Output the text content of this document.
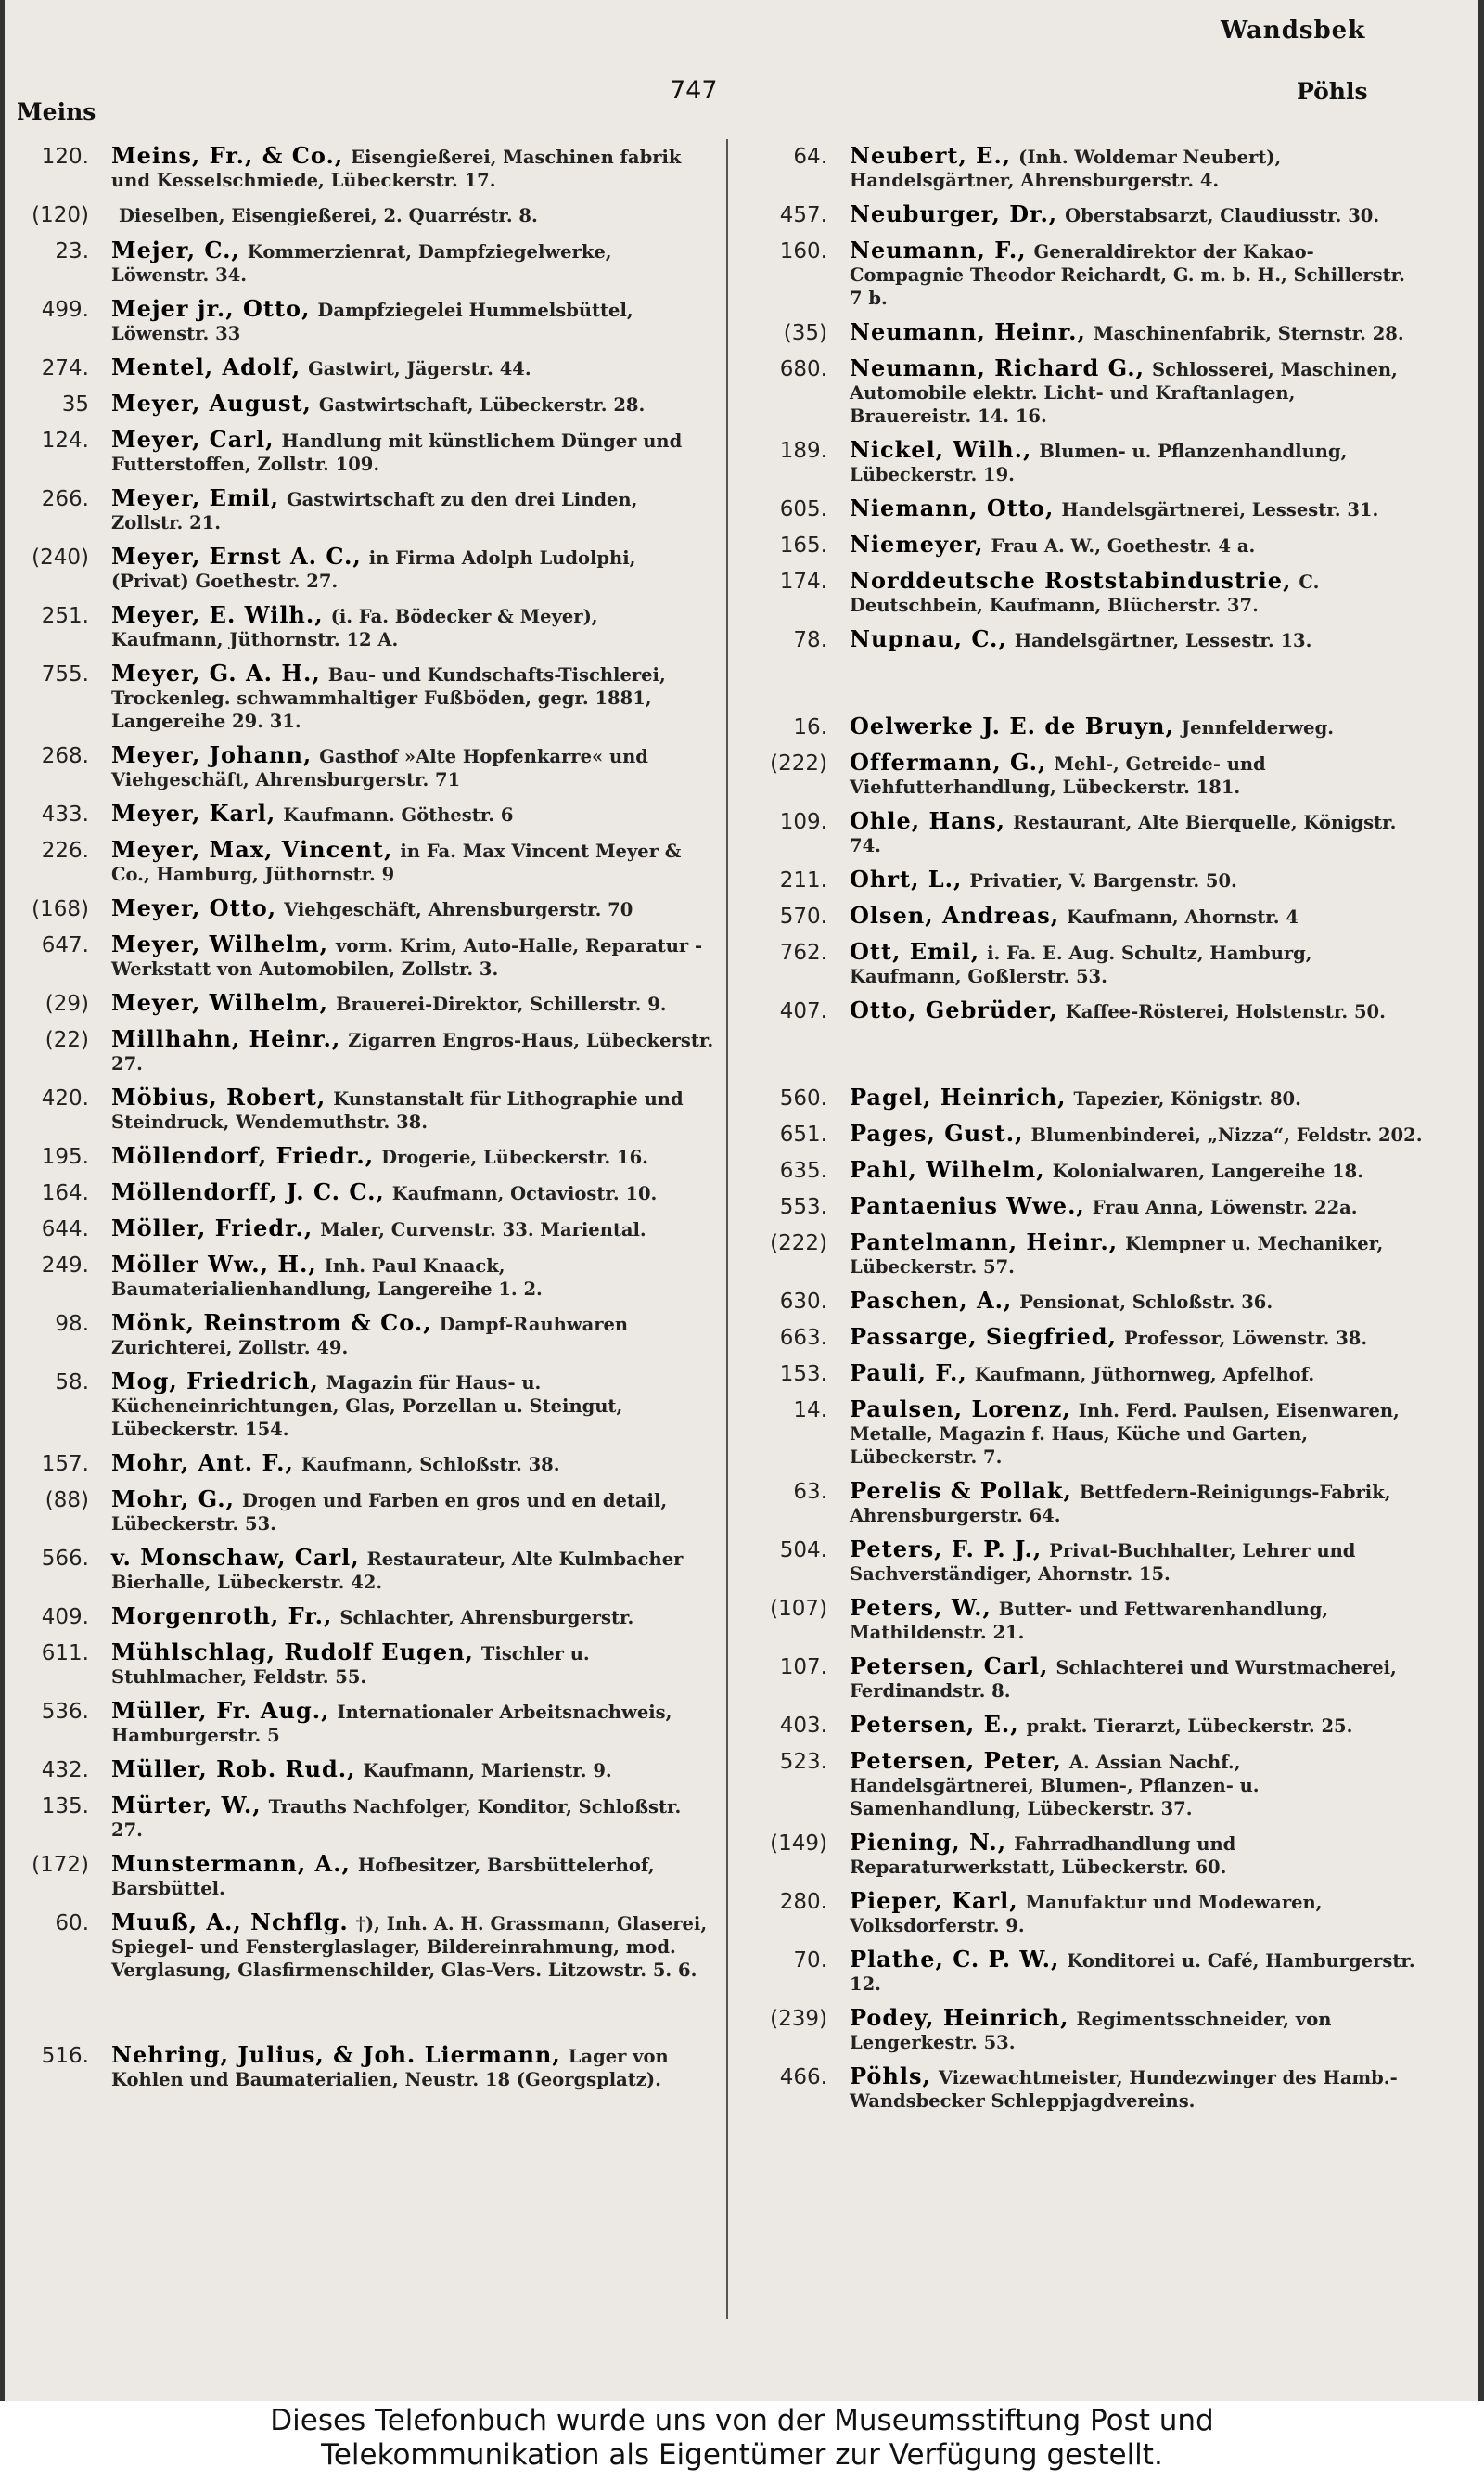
Wandsbek
747
Meins
Pöhls
120.	Meins, Fr., & Co., Eisengießerei, Maschinen fabrik und Kesselschmiede, Lübeckerstr. 17.
(120)	Dieselben, Eisengießerei, 2. Quarréstr. 8.
23.	Mejer, C., Kommerzienrat, Dampfziegelwerke, Löwenstr. 34.
499.	Mejer jr., Otto, Dampfziegelei Hummelsbüttel, Löwenstr. 33
274.	Mentel, Adolf, Gastwirt, Jägerstr. 44.
35	Meyer, August, Gastwirtschaft, Lübeckerstr. 28.
124.	Meyer, Carl, Handlung mit künstlichem Dünger und Futterstoffen, Zollstr. 109.
266.	Meyer, Emil, Gastwirtschaft zu den drei Linden, Zollstr. 21.
(240)	Meyer, Ernst A. C., in Firma Adolph Ludolphi, (Privat) Goethestr. 27.
251.	Meyer, E. Wilh., (i. Fa. Bödecker & Meyer), Kaufmann, Jüthornstr. 12 A.
755.	Meyer, G. A. H., Bau- und Kundschafts-Tischlerei, Trockenleg. schwammhaltiger Fußböden, gegr. 1881, Langereihe 29. 31.
268.	Meyer, Johann, Gasthof »Alte Hopfenkarre« und Viehgeschäft, Ahrensburgerstr. 71
433.	Meyer, Karl, Kaufmann. Göthestr. 6
226.	Meyer, Max, Vincent, in Fa. Max Vincent Meyer & Co., Hamburg, Jüthornstr. 9
(168)	Meyer, Otto, Viehgeschäft, Ahrensburgerstr. 70
647.	Meyer, Wilhelm, vorm. Krim, Auto-Halle, Reparatur - Werkstatt von Automobilen, Zollstr. 3.
(29)	Meyer, Wilhelm, Brauerei-Direktor, Schillerstr. 9.
(22)	Millhahn, Heinr., Zigarren Engros-Haus, Lübeckerstr. 27.
420.	Möbius, Robert, Kunstanstalt für Lithographie und Steindruck, Wendemuthstr. 38.
195.	Möllendorf, Friedr., Drogerie, Lübeckerstr. 16.
164.	Möllendorff, J. C. C., Kaufmann, Octaviostr. 10.
644.	Möller, Friedr., Maler, Curvenstr. 33. Mariental.
249.	Möller Ww., H., Inh. Paul Knaack, Baumaterialienhandlung, Langereihe 1. 2.
98.	Mönk, Reinstrom & Co., Dampf-Rauhwaren Zurichterei, Zollstr. 49.
58.	Mog, Friedrich, Magazin für Haus- u. Kücheneinrichtungen, Glas, Porzellan u. Steingut, Lübeckerstr. 154.
157.	Mohr, Ant. F., Kaufmann, Schloßstr. 38.
(88)	Mohr, G., Drogen und Farben en gros und en detail, Lübeckerstr. 53.
566.	v. Monschaw, Carl, Restaurateur, Alte Kulmbacher Bierhalle, Lübeckerstr. 42.
409.	Morgenroth, Fr., Schlachter, Ahrensburgerstr.
611.	Mühlschlag, Rudolf Eugen, Tischler u. Stuhlmacher, Feldstr. 55.
536.	Müller, Fr. Aug., Internationaler Arbeitsnachweis, Hamburgerstr. 5
432.	Müller, Rob. Rud., Kaufmann, Marienstr. 9.
135.	Mürter, W., Trauths Nachfolger, Konditor, Schloßstr. 27.
(172)	Munstermann, A., Hofbesitzer, Barsbüttelerhof, Barsbüttel.
60.	Muuß, A., Nchflg. †), Inh. A. H. Grassmann, Glaserei, Spiegel- und Fensterglaslager, Bildereinrahmung, mod. Verglasung, Glasfirmenschilder, Glas-Vers. Litzowstr. 5. 6.
516.	Nehring, Julius, & Joh. Liermann, Lager von Kohlen und Baumaterialien, Neustr. 18 (Georgsplatz).
64.	Neubert, E., (Inh. Woldemar Neubert), Handelsgärtner, Ahrensburgerstr. 4.
457.	Neuburger, Dr., Oberstabsarzt, Claudiusstr. 30.
160.	Neumann, F., Generaldirektor der Kakao-Compagnie Theodor Reichardt, G. m. b. H., Schillerstr. 7 b.
(35)	Neumann, Heinr., Maschinenfabrik, Sternstr. 28.
680.	Neumann, Richard G., Schlosserei, Maschinen, Automobile elektr. Licht- und Kraftanlagen, Brauereistr. 14. 16.
189.	Nickel, Wilh., Blumen- u. Pflanzenhandlung, Lübeckerstr. 19.
605.	Niemann, Otto, Handelsgärtnerei, Lessestr. 31.
165.	Niemeyer, Frau A. W., Goethestr. 4 a.
174.	Norddeutsche Roststabindustrie, C. Deutschbein, Kaufmann, Blücherstr. 37.
78.	Nupnau, C., Handelsgärtner, Lessestr. 13.
16.	Oelwerke J. E. de Bruyn, Jennfelderweg.
(222)	Offermann, G., Mehl-, Getreide- und Viehfutterhandlung, Lübeckerstr. 181.
109.	Ohle, Hans, Restaurant, Alte Bierquelle, Königstr. 74.
211.	Ohrt, L., Privatier, V. Bargenstr. 50.
570.	Olsen, Andreas, Kaufmann, Ahornstr. 4
762.	Ott, Emil, i. Fa. E. Aug. Schultz, Hamburg, Kaufmann, Goßlerstr. 53.
407.	Otto, Gebrüder, Kaffee-Rösterei, Holstenstr. 50.
560.	Pagel, Heinrich, Tapezier, Königstr. 80.
651.	Pages, Gust., Blumenbinderei, „Nizza“, Feldstr. 202.
635.	Pahl, Wilhelm, Kolonialwaren, Langereihe 18.
553.	Pantaenius Wwe., Frau Anna, Löwenstr. 22a.
(222)	Pantelmann, Heinr., Klempner u. Mechaniker, Lübeckerstr. 57.
630.	Paschen, A., Pensionat, Schloßstr. 36.
663.	Passarge, Siegfried, Professor, Löwenstr. 38.
153.	Pauli, F., Kaufmann, Jüthornweg, Apfelhof.
14.	Paulsen, Lorenz, Inh. Ferd. Paulsen, Eisenwaren, Metalle, Magazin f. Haus, Küche und Garten, Lübeckerstr. 7.
63.	Perelis & Pollak, Bettfedern-Reinigungs-Fabrik, Ahrensburgerstr. 64.
504.	Peters, F. P. J., Privat-Buchhalter, Lehrer und Sachverständiger, Ahornstr. 15.
(107)	Peters, W., Butter- und Fettwarenhandlung, Mathildenstr. 21.
107.	Petersen, Carl, Schlachterei und Wurstmacherei, Ferdinandstr. 8.
403.	Petersen, E., prakt. Tierarzt, Lübeckerstr. 25.
523.	Petersen, Peter, A. Assian Nachf., Handelsgärtnerei, Blumen-, Pflanzen- u. Samenhandlung, Lübeckerstr. 37.
(149)	Piening, N., Fahrradhandlung und Reparaturwerkstatt, Lübeckerstr. 60.
280.	Pieper, Karl, Manufaktur und Modewaren, Volksdorferstr. 9.
70.	Plathe, C. P. W., Konditorei u. Café, Hamburgerstr. 12.
(239)	Podey, Heinrich, Regimentsschneider, von Lengerkestr. 53.
466.	Pöhls, Vizewachtmeister, Hundezwinger des Hamb.-Wandsbecker Schleppjagdvereins.
Dieses Telefonbuch wurde uns von der Museumsstiftung Post und
Telekommunikation als Eigentümer zur Verfügung gestellt.
